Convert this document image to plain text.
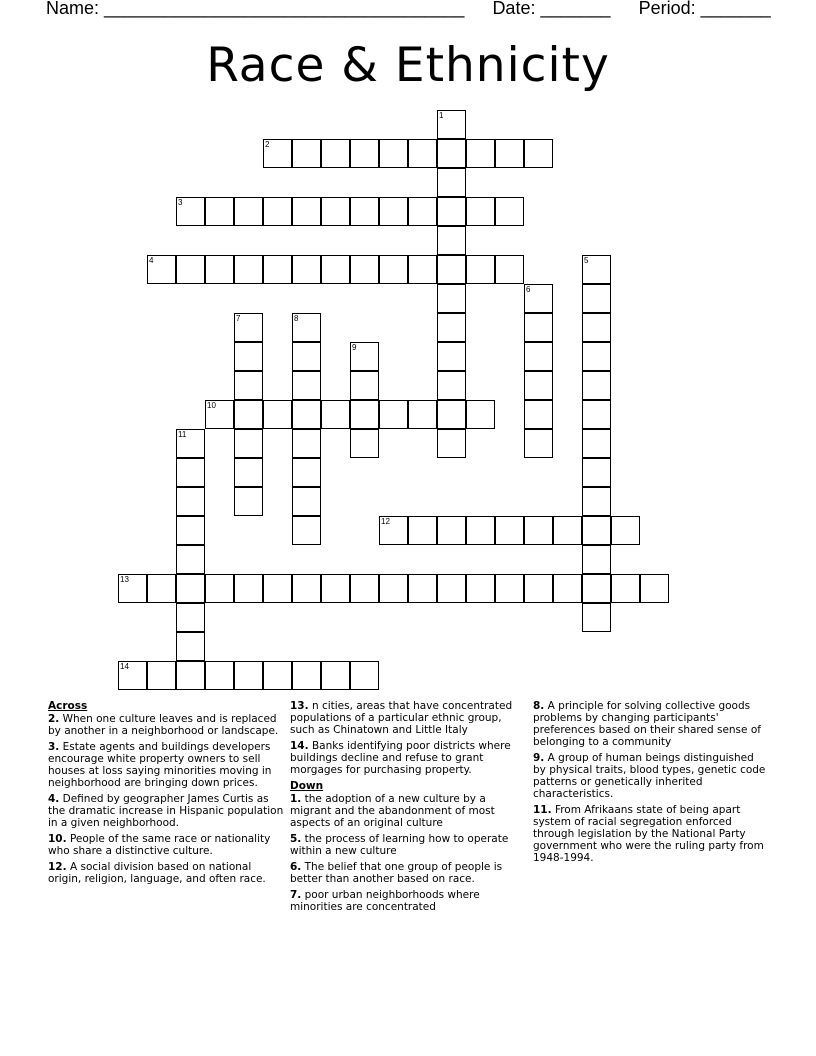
Name: ____________________________________ Date: _______ Period: _______
Race & Ethnicity
1
2
3
4	5
6
7	8
9
10
11
12
13
14

Across

2. When one culture leaves and is replaced by another in a neighborhood or landscape.

3. Estate agents and buildings developers encourage white property owners to sell houses at loss saying minorities moving in neighborhood are bringing down prices.

4. Defined by geographer James Curtis as the dramatic increase in Hispanic population in a given neighborhood.

10. People of the same race or nationality who share a distinctive culture.

12. A social division based on national origin, religion, language, and often race.

13. n cities, areas that have concentrated populations of a particular ethnic group, such as Chinatown and Little Italy

14. Banks identifying poor districts where buildings decline and refuse to grant morgages for purchasing property.

Down

1. the adoption of a new culture by a migrant and the abandonment of most aspects of an original culture

5. the process of learning how to operate within a new culture

6. The belief that one group of people is better than another based on race.

7. poor urban neighborhoods where minorities are concentrated

8. A principle for solving collective goods problems by changing participants' preferences based on their shared sense of belonging to a community

9. A group of human beings distinguished by physical traits, blood types, genetic code patterns or genetically inherited characteristics.

11. From Afrikaans state of being apart system of racial segregation enforced through legislation by the National Party government who were the ruling party from 1948-1994.
